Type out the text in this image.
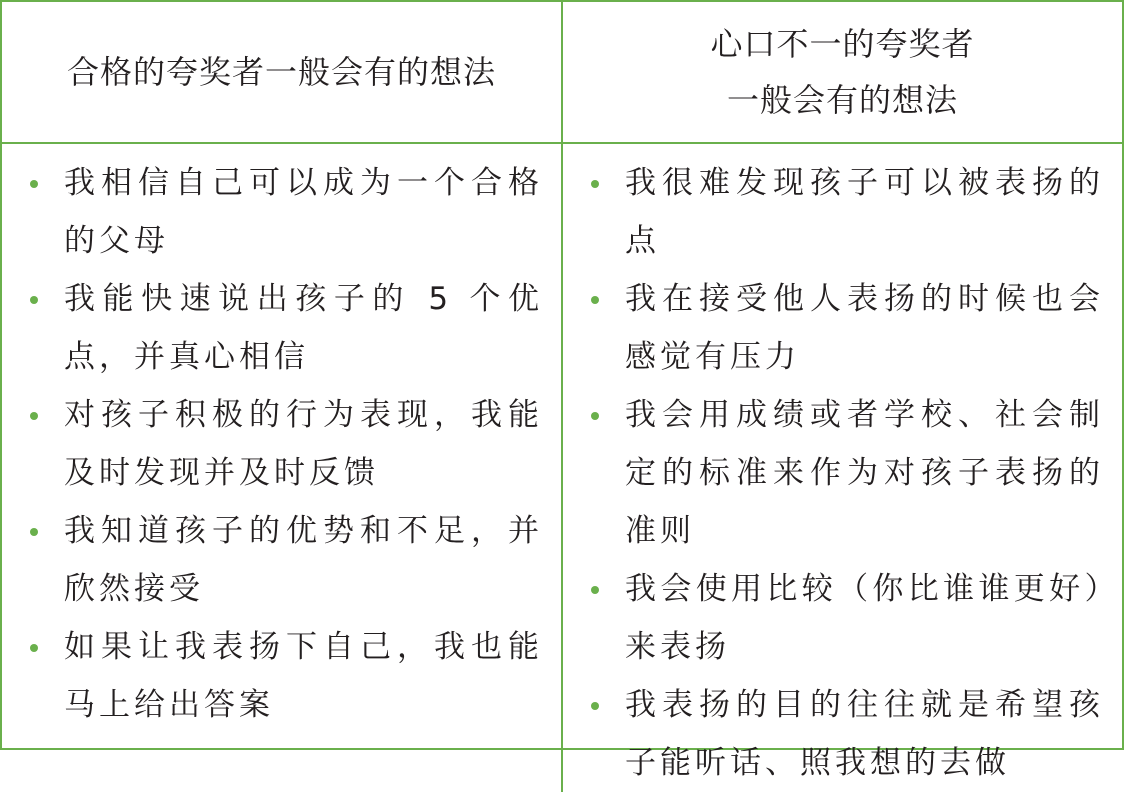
合格的夸奖者一般会有的想法
心口不一的夸奖者
一般会有的想法
我相信自己可以成为一个合格的父母
我能快速说出孩子的 5 个优点，并真心相信
对孩子积极的行为表现，我能及时发现并及时反馈
我知道孩子的优势和不足，并欣然接受
如果让我表扬下自己，我也能马上给出答案
我很难发现孩子可以被表扬的点
我在接受他人表扬的时候也会感觉有压力
我会用成绩或者学校、社会制定的标准来作为对孩子表扬的准则
我会使用比较（你比谁谁更好）来表扬
我表扬的目的往往就是希望孩子能听话、照我想的去做
